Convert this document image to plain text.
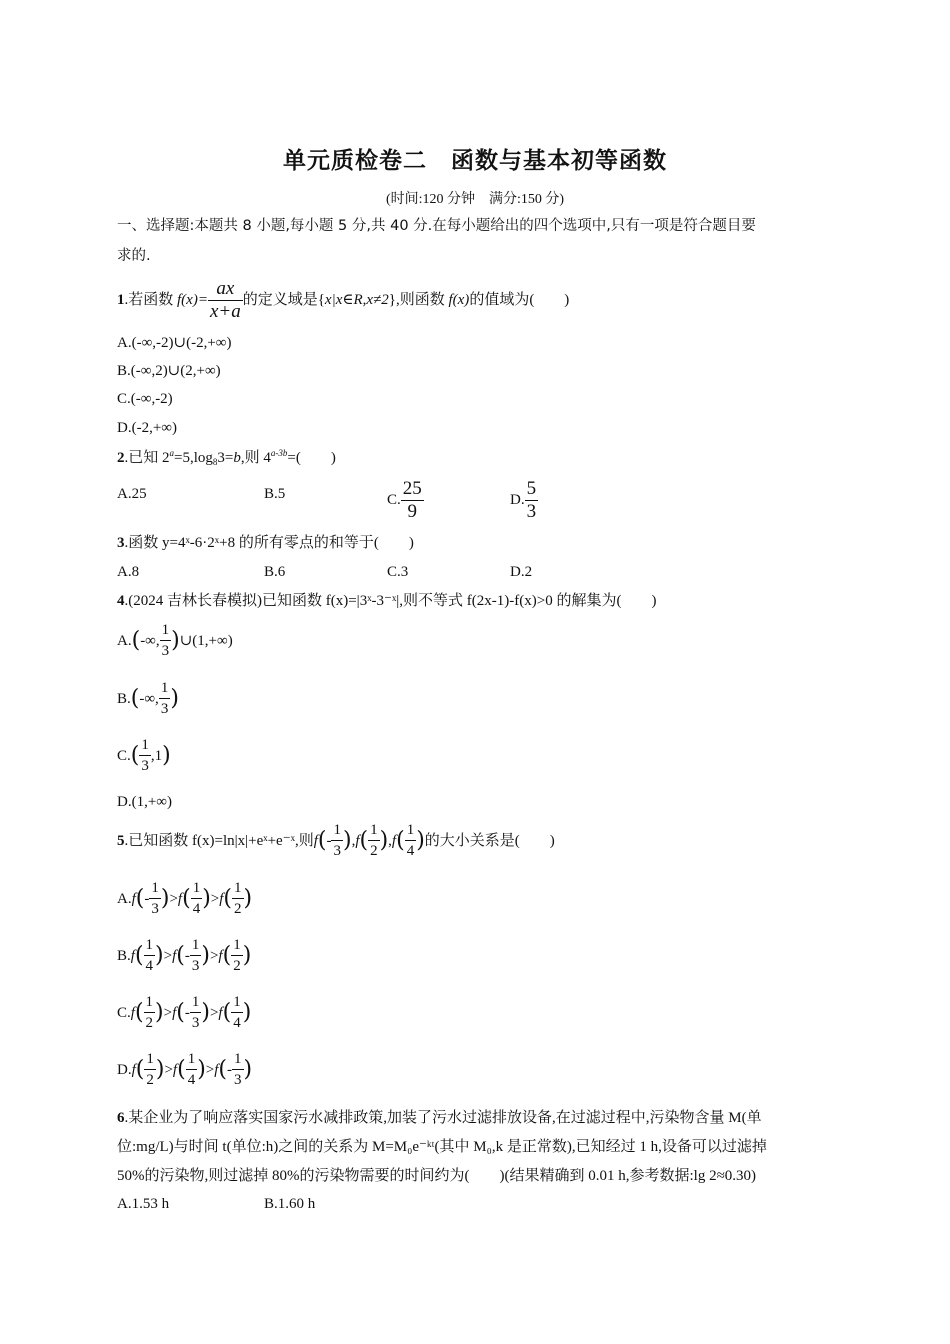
单元质检卷二　函数与基本初等函数
(时间:120 分钟　满分:150 分)
一、选择题:本题共 8 小题,每小题 5 分,共 40 分.在每小题给出的四个选项中,只有一项是符合题目要
求的.
1.若函数 $f(x)= \frac{ax}{x+a}$ 的定义域是{x|x∈R,x≠2},则函数 f(x)的值域为(　　)
A.(-∞,-2)∪(-2,+∞)
B.(-∞,2)∪(2,+∞)
C.(-∞,-2)
D.(-2,+∞)
2.已知 $2^a=5,\log_83=b$,则 $4^{a-3b}=$(　　)
A.25	B.5	C. $\frac{25}{9}$	D. $\frac{5}{3}$
3.函数 y=4ˣ-6·2ˣ+8 的所有零点的和等于(　　)
A.8	B.6	C.3	D.2
4.(2024 吉林长春模拟)已知函数 f(x)=|3ˣ-3⁻ˣ|,则不等式 f(2x-1)-f(x)>0 的解集为(　　)
A. ( -∞, $\frac{1}{3}$ ) ∪(1,+∞)
B. ( -∞, $\frac{1}{3}$ )
C. ( $\frac{1}{3} ,1$ )
D.(1,+∞)
5 .已知函数 f(x)=ln|x|+eˣ+e⁻ˣ,则 f ( - $\frac{1}{3}$ ) , f ( $\frac{1}{2}$ ) , f ( $\frac{1}{4}$ ) 的大小关系是(　　)
A. f ( - $\frac{1}{3}$ ) > f ( $\frac{1}{4}$ ) > f ( $\frac{1}{2}$ )
B. f ( $\frac{1}{4}$ ) > f ( - $\frac{1}{3}$ ) > f ( $\frac{1}{2}$ )
C. f ( $\frac{1}{2}$ ) > f ( - $\frac{1}{3}$ ) > f ( $\frac{1}{4}$ )
D. f ( $\frac{1}{2}$ ) > f ( $\frac{1}{4}$ ) > f ( - $\frac{1}{3}$ )
6.某企业为了响应落实国家污水减排政策,加装了污水过滤排放设备,在过滤过程中,污染物含量 M(单
位:mg/L)与时间 t(单位:h)之间的关系为 M=M₀e⁻ᵏᵗ(其中 M₀,k 是正常数),已知经过 1 h,设备可以过滤掉
50%的污染物,则过滤掉 80%的污染物需要的时间约为(　　)(结果精确到 0.01 h,参考数据:lg 2≈0.30)
A.1.53 h	B.1.60 h
